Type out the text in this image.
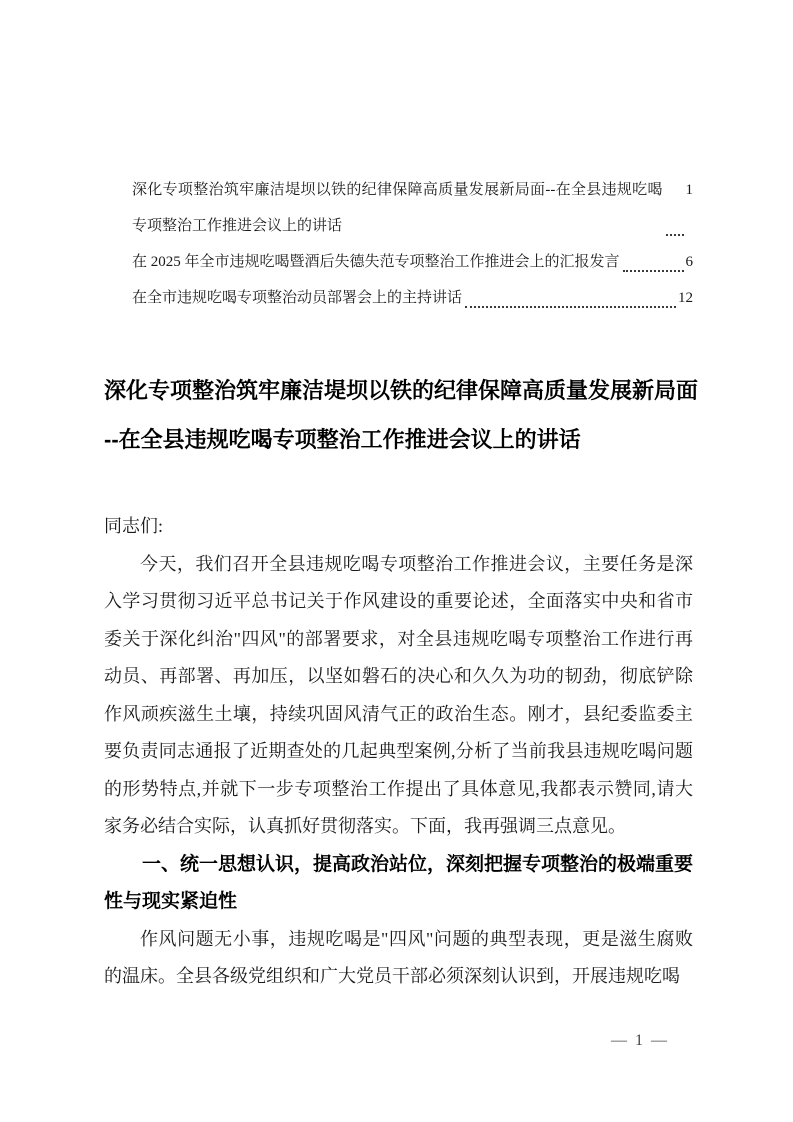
深化专项整治筑牢廉洁堤坝以铁的纪律保障高质量发展新局面--在全县违规吃喝专项整治工作推进会议上的讲话
1
在 2025 年全市违规吃喝暨酒后失德失范专项整治工作推进会上的汇报发言	6
在全市违规吃喝专项整治动员部署会上的主持讲话	12
深化专项整治筑牢廉洁堤坝以铁的纪律保障高质量发展新局面
--在全县违规吃喝专项整治工作推进会议上的讲话
同志们:
今天，我们召开全县违规吃喝专项整治工作推进会议，主要任务是深入学习贯彻习近平总书记关于作风建设的重要论述，全面落实中央和省市委关于深化纠治"四风"的部署要求，对全县违规吃喝专项整治工作进行再动员、再部署、再加压，以坚如磐石的决心和久久为功的韧劲，彻底铲除作风顽疾滋生土壤，持续巩固风清气正的政治生态。刚才，县纪委监委主要负责同志通报了近期查处的几起典型案例,分析了当前我县违规吃喝问题的形势特点,并就下一步专项整治工作提出了具体意见,我都表示赞同,请大家务必结合实际，认真抓好贯彻落实。下面，我再强调三点意见。
一、统一思想认识，提高政治站位，深刻把握专项整治的极端重要性与现实紧迫性
作风问题无小事，违规吃喝是"四风"问题的典型表现，更是滋生腐败的温床。全县各级党组织和广大党员干部必须深刻认识到，开展违规吃喝
— 1 —
